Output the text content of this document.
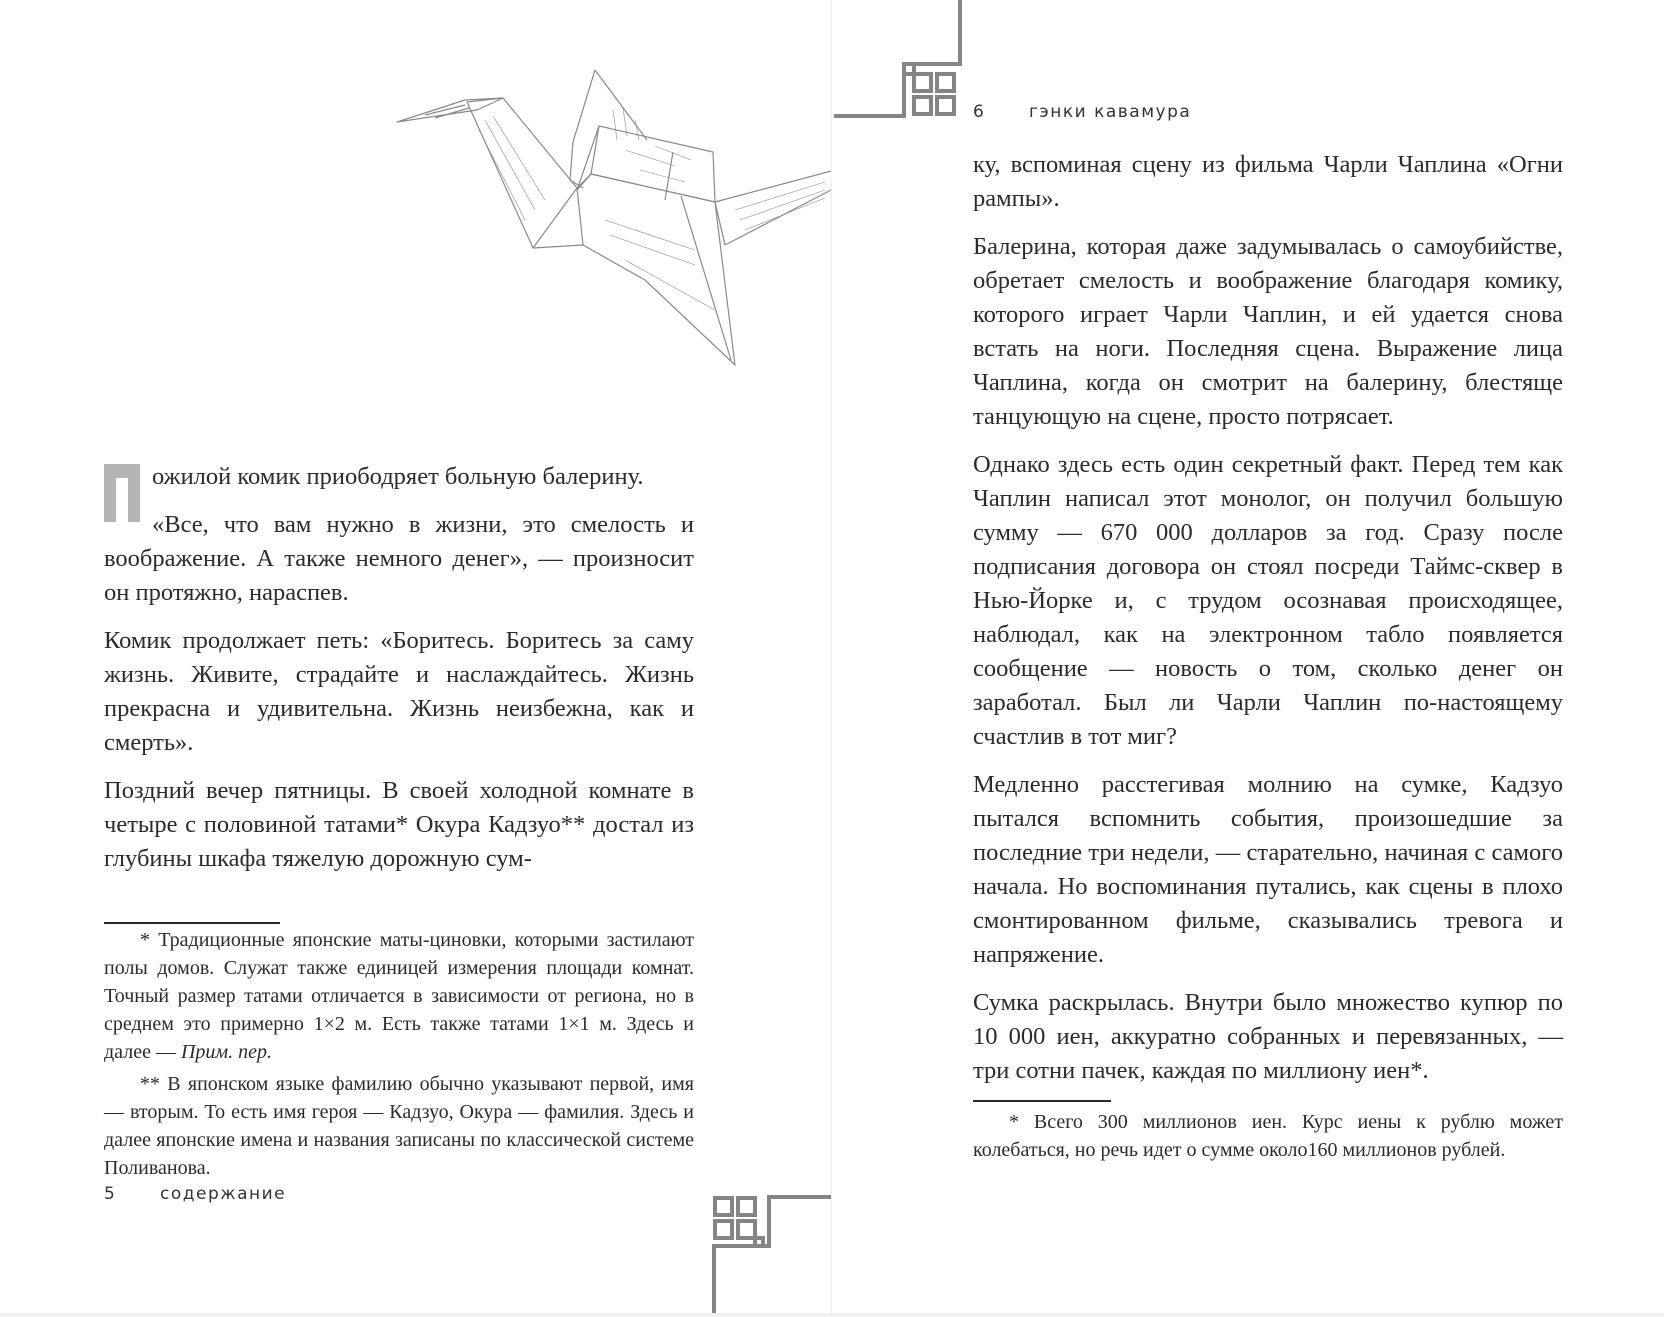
ожилой комик приободряет больную балерину.

«Все, что вам нужно в жизни, это смелость и воображение. А также немного денег», — произносит он протяжно, нараспев.

Комик продолжает петь: «Боритесь. Боритесь за саму жизнь. Живите, страдайте и наслаждайтесь. Жизнь прекрасна и удивительна. Жизнь неизбежна, как и смерть».

Поздний вечер пятницы. В своей холодной комнате в четыре с половиной татами* Окура Кадзуо** достал из глубины шкафа тяжелую дорожную сум-

* Традиционные японские маты-циновки, которыми застилают полы домов. Служат также единицей измерения площади комнат. Точный размер татами отличается в зависимости от региона, но в среднем это примерно 1×2 м. Есть также татами 1×1 м. Здесь и далее — Прим. пер.

** В японском языке фамилию обычно указывают первой, имя — вторым. То есть имя героя — Кадзуо, Окура — фамилия. Здесь и далее японские имена и названия записаны по классической системе Поливанова.

5	содержание
6	гэнки кавамура

ку, вспоминая сцену из фильма Чарли Чаплина «Огни рампы».

Балерина, которая даже задумывалась о самоубийстве, обретает смелость и воображение благодаря комику, которого играет Чарли Чаплин, и ей удается снова встать на ноги. Последняя сцена. Выражение лица Чаплина, когда он смотрит на балерину, блестяще танцующую на сцене, просто потрясает.

Однако здесь есть один секретный факт. Перед тем как Чаплин написал этот монолог, он получил большую сумму — 670 000 долларов за год. Сразу после подписания договора он стоял посреди Таймс-сквер в Нью-Йорке и, с трудом осознавая происходящее, наблюдал, как на электронном табло появляется сообщение — новость о том, сколько денег он заработал. Был ли Чарли Чаплин по-настоящему счастлив в тот миг?

Медленно расстегивая молнию на сумке, Кадзуо пытался вспомнить события, произошедшие за последние три недели, — старательно, начиная с самого начала. Но воспоминания путались, как сцены в плохо смонтированном фильме, сказывались тревога и напряжение.

Сумка раскрылась. Внутри было множество купюр по 10 000 иен, аккуратно собранных и перевязанных, — три сотни пачек, каждая по миллиону иен*.

* Всего 300 миллионов иен. Курс иены к рублю может колебаться, но речь идет о сумме около160 миллионов рублей.
